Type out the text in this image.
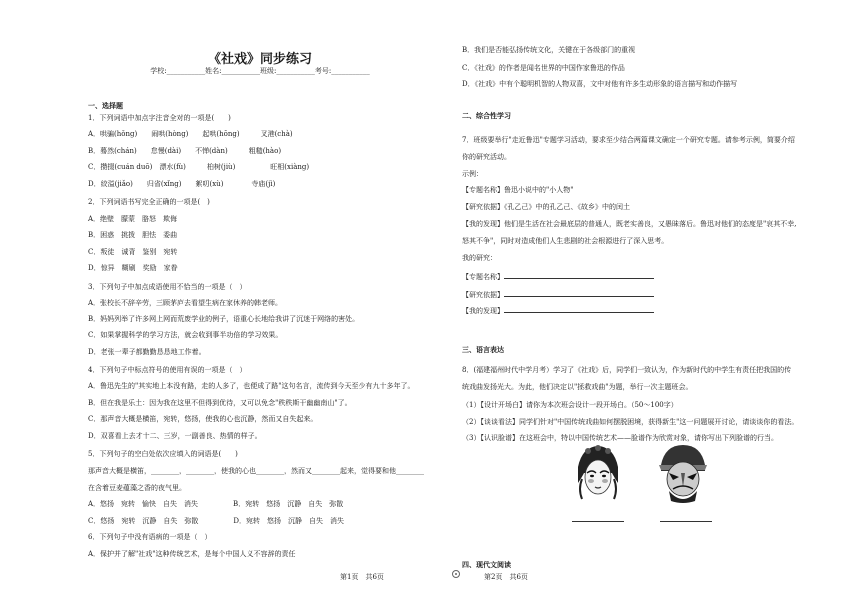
《社戏》同步练习
学校:___________姓名:___________班级:___________考号:___________
一、选择题
1．下列词语中加点字注音全对的一项是(　　)
A．哄骗(hǒng)　　闹哄(hòng)　　起哄(hōng)　　　叉港(chà)
B．蓦然(chán)　　怠慢(dài)　　不惮(dàn)　　　粗糙(hào)
C．攒掇(cuán duō)　漂水(fù)　　　桕树(jiù)　　　　　旺相(xiàng)
D．絞溢(jiǎo)　　归省(xǐng)　　絮叨(xù)　　　　寺庙(jì)
2．下列词语书写完全正确的一项是(　)
A．绝壁　朦蒙　胳怒　欺侮
B．困惑　挑拨　胆怯　委曲
C．叛徒　诚背　鉴别　宛转
D．惊异　糊刷　奖励　家眷
3．下列句子中加点成语使用不恰当的一项是（　）
A．张校长不辞辛劳，三顾茅庐去看望生病在家休养的韩老师。
B．妈妈列举了许多网上网而荒废学业的例子，语重心长地给我讲了沉迷于网络的害处。
C．如果掌握科学的学习方法，就会收到事半功倍的学习效果。
D．老张一辈子都勤勤恳恳地工作着。
4．下列句子中标点符号的使用有误的一项是（　）
A．鲁迅先生的"其实地上本没有路，走的人多了，也便成了路"这句名言，流传到今天至少有九十多年了。
B．但在我是乐土：因为我在这里不但得到优待，又可以免念"秩秩斯干幽幽南山"了。
C．那声音大概是横笛，宛转，悠扬，使我的心也沉静，然而又自失起来。
D．双喜看上去才十二、三岁，一副善良、热情的样子。
5．下列句子的空白处依次应填入的词语是(　　)
那声音大概是横笛，________，________，使我的心也________，然而又________起来，觉得要和他________
在含着豆麦蕴藻之香的夜气里。
A．悠扬　宛转　愉快　自失　消失　　　　　B．宛转　悠扬　沉静　自失　弥散
C．悠扬　宛转　沉静　自失　弥散　　　　　D．宛转　悠扬　沉静　自失　消失
6．下列句子中没有语病的一项是（　）
A．保护并了解"社戏"这种传统艺术，是每个中国人义不容辞的责任
B．我们是否能弘扬传统文化，关键在于各级部门的重视
C．《社戏》的作者是闻名世界的中国作家鲁迅的作品
D．《社戏》中有个聪明机智的人物双喜，文中对他有许多生动形象的语言描写和动作描写
二、综合性学习
7．班级要举行"走近鲁迅"专题学习活动，要求至少结合两篇课文确定一个研究专题。请参考示例，简要介绍
你的研究活动。
示例：
【专题名称】鲁迅小说中的"小人物"
【研究依据】《孔乙己》中的孔乙己、《故乡》中的闰土
【我的发现】他们是生活在社会最底层的普通人，既老实善良，又愚昧落后。鲁迅对他们的态度是"哀其不幸,
怒其不争"，同时对造成他们人生悲剧的社会根源进行了深入思考。
我的研究：
【专题名称】
【研究依据】
【我的发现】
三、语言表达
8．(福建福州时代中学月考）学习了《社戏》后，同学们一致认为，作为新时代的中学生有责任把我国的传
统戏曲发扬光大。为此，他们决定以"拯救戏曲"为题，举行一次主题班会。
（1）【设计开场白】请你为本次班会设计一段开场白。（50～100字）
（2）【谈谈看法】同学们针对"中国传统戏曲如何摆脱困境，获得新生"这一问题展开讨论，请谈谈你的看法。
（3）【认识脸谱】在这班会中，特以中国传统艺术——脸谱作为欣赏对象，请你写出下列脸谱的行当。
四、现代文阅读
第1页　共6页	第2页　共6页
